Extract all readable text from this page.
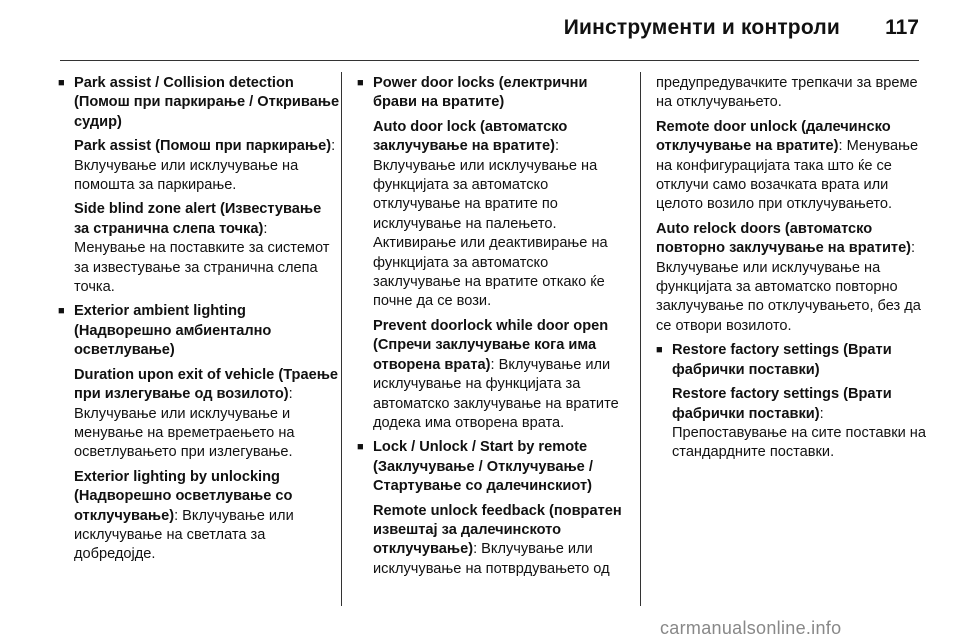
Иинструменти и контроли 117
■ Park assist / Collision detection (Помош при паркирање / Откривање судир)

Park assist (Помош при паркирање): Вклучување или исклучување на помошта за паркирање.

Side blind zone alert (Известување за странична слепа точка): Менување на поставките за системот за известување за странична слепа точка.

■ Exterior ambient lighting (Надворешно амбиентално осветлување)

Duration upon exit of vehicle (Траење при излегување од возилото): Вклучување или исклучување и менување на времетраењето на осветлувањето при излегување.

Exterior lighting by unlocking (Надворешно осветлување со отклучување): Вклучување или исклучување на светлата за добредојде.

■ Power door locks (електрични брави на вратите)

Auto door lock (автоматско заклучување на вратите): Вклучување или исклучување на функцијата за автоматско отклучување на вратите по исклучување на палењето. Активирање или деактивирање на функцијата за автоматско заклучување на вратите откако ќе почне да се вози.

Prevent doorlock while door open (Спречи заклучување кога има отворена врата): Вклучување или исклучување на функцијата за автоматско заклучување на вратите додека има отворена врата.

■ Lock / Unlock / Start by remote (Заклучување / Отклучување / Стартување со далечинскиот)

Remote unlock feedback (повратен извештај за далечинското отклучување): Вклучување или исклучување на потврдувањето од

предупредувачките трепкачи за време на отклучувањето.

Remote door unlock (далечинско отклучување на вратите): Менување на конфигурацијата така што ќе се отклучи само возачката врата или целото возило при отклучувањето.

Auto relock doors (автоматско повторно заклучување на вратите): Вклучување или исклучување на функцијата за автоматско повторно заклучување по отклучувањето, без да се отвори возилото.

■ Restore factory settings (Врати фабрички поставки)

Restore factory settings (Врати фабрички поставки): Препоставување на сите поставки на стандардните поставки.

carmanualsonline.info
